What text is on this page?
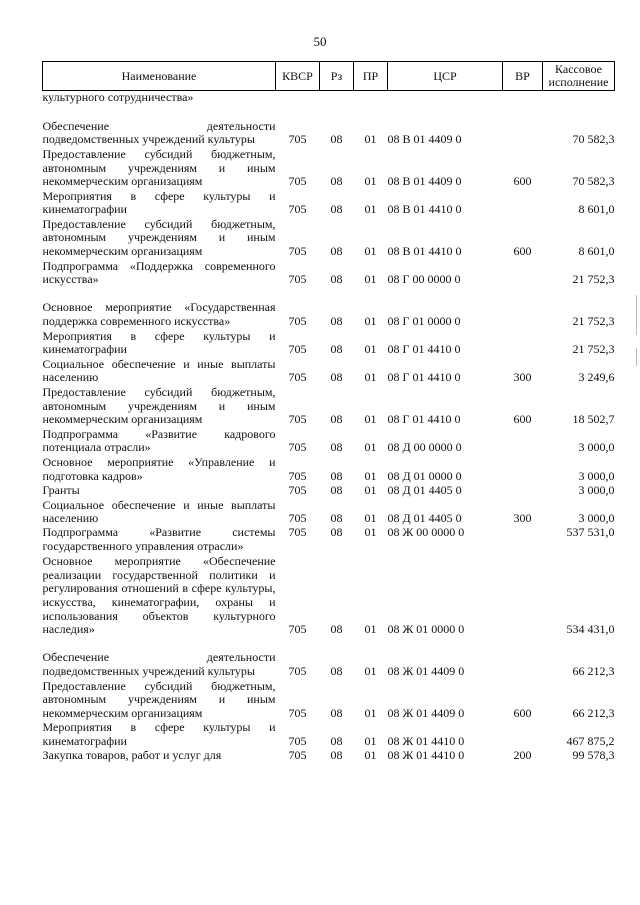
50
Наименование	КВСР	Рз	ПР	ЦСР	ВР	Кассовое исполнение
культурного сотрудничества»						
Обеспечение деятельности подведомственных учреждений культуры	705	08	01	08 В 01 4409 0		70 582,3
Предоставление субсидий бюджетным, автономным учреждениям и иным некоммерческим организациям	705	08	01	08 В 01 4409 0	600	70 582,3
Мероприятия в сфере культуры и кинематографии	705	08	01	08 В 01 4410 0		8 601,0
Предоставление субсидий бюджетным, автономным учреждениям и иным некоммерческим организациям	705	08	01	08 В 01 4410 0	600	8 601,0
Подпрограмма «Поддержка современного искусства»	705	08	01	08 Г 00 0000 0		21 752,3
Основное мероприятие «Государственная поддержка современного искусства»	705	08	01	08 Г 01 0000 0		21 752,3
Мероприятия в сфере культуры и кинематографии	705	08	01	08 Г 01 4410 0		21 752,3
Социальное обеспечение и иные выплаты населению	705	08	01	08 Г 01 4410 0	300	3 249,6
Предоставление субсидий бюджетным, автономным учреждениям и иным некоммерческим организациям	705	08	01	08 Г 01 4410 0	600	18 502,7
Подпрограмма «Развитие кадрового потенциала отрасли»	705	08	01	08 Д 00 0000 0		3 000,0
Основное мероприятие «Управление и подготовка кадров»	705	08	01	08 Д 01 0000 0		3 000,0
Гранты	705	08	01	08 Д 01 4405 0		3 000,0
Социальное обеспечение и иные выплаты населению	705	08	01	08 Д 01 4405 0	300	3 000,0
Подпрограмма «Развитие системы государственного управления отрасли»	705	08	01	08 Ж 00 0000 0		537 531,0
Основное мероприятие «Обеспечение реализации государственной политики и регулирования отношений в сфере культуры, искусства, кинематографии, охраны и использования объектов культурного наследия»	705	08	01	08 Ж 01 0000 0		534 431,0
Обеспечение деятельности подведомственных учреждений культуры	705	08	01	08 Ж 01 4409 0		66 212,3
Предоставление субсидий бюджетным, автономным учреждениям и иным некоммерческим организациям	705	08	01	08 Ж 01 4409 0	600	66 212,3
Мероприятия в сфере культуры и кинематографии	705	08	01	08 Ж 01 4410 0		467 875,2
Закупка товаров, работ и услуг для	705	08	01	08 Ж 01 4410 0	200	99 578,3
